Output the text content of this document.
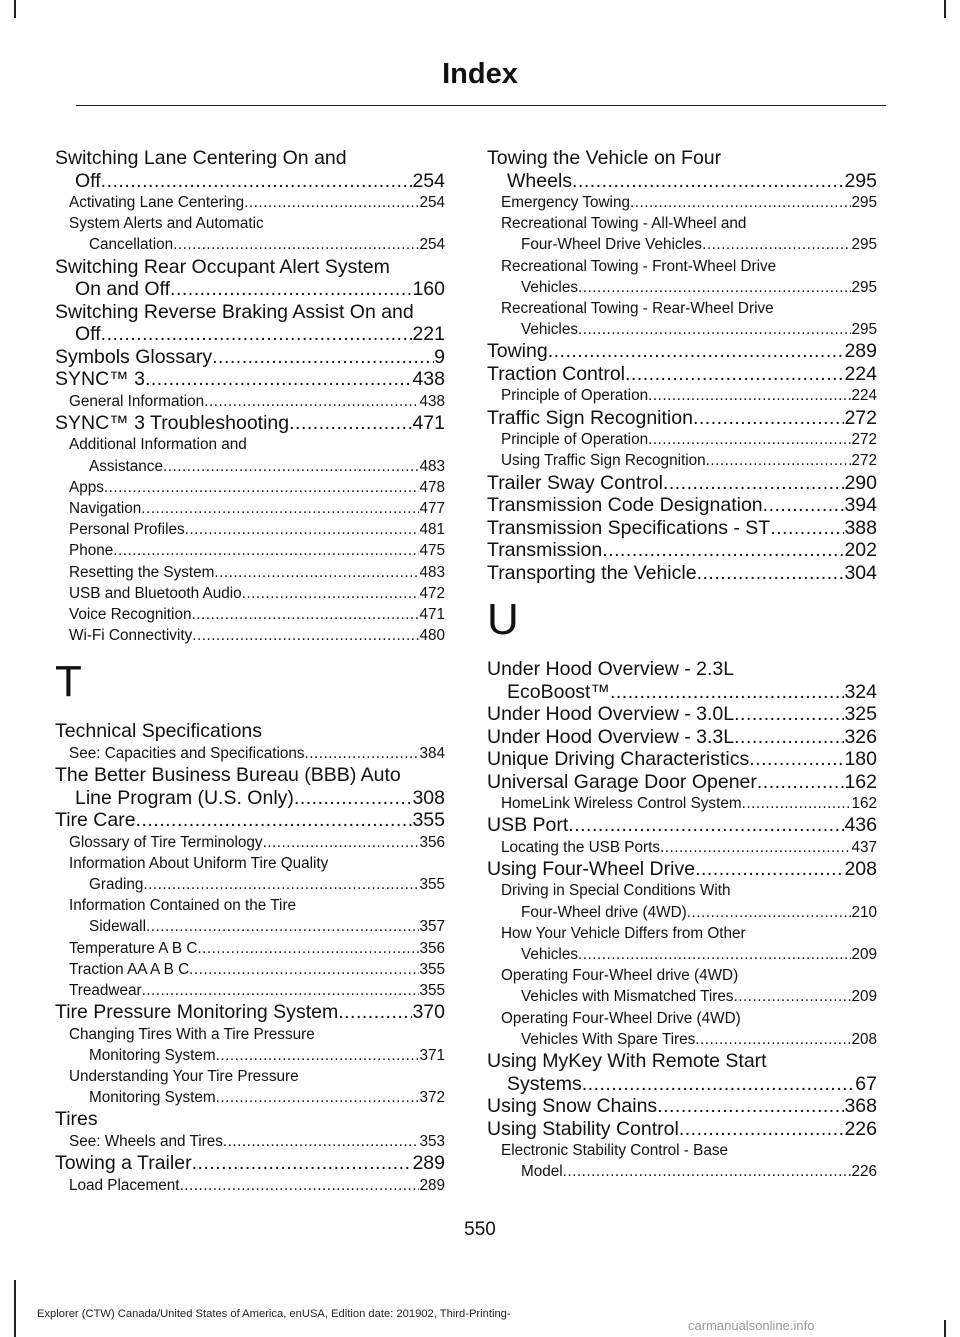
Index
Switching Lane Centering On and
Off .....	254
Activating Lane Centering .....	254
System Alerts and Automatic
Cancellation .....	254
Switching Rear Occupant Alert System
On and Off .....	160
Switching Reverse Braking Assist On and
Off .....	221
Symbols Glossary .....	9
SYNC™ 3 .....	438
General Information .....	438
SYNC™ 3 Troubleshooting .....	471
Additional Information and
Assistance .....	483
Apps .....	478
Navigation .....	477
Personal Profiles .....	481
Phone .....	475
Resetting the System .....	483
USB and Bluetooth Audio .....	472
Voice Recognition .....	471
Wi-Fi Connectivity .....	480
T
Technical Specifications
See: Capacities and Specifications .....	384
The Better Business Bureau (BBB) Auto
Line Program (U.S. Only) .....	308
Tire Care .....	355
Glossary of Tire Terminology .....	356
Information About Uniform Tire Quality
Grading .....	355
Information Contained on the Tire
Sidewall .....	357
Temperature A B C .....	356
Traction AA A B C .....	355
Treadwear .....	355
Tire Pressure Monitoring System .....	370
Changing Tires With a Tire Pressure
Monitoring System .....	371
Understanding Your Tire Pressure
Monitoring System .....	372
Tires
See: Wheels and Tires .....	353
Towing a Trailer .....	289
Load Placement .....	289
Towing the Vehicle on Four
Wheels .....	295
Emergency Towing .....	295
Recreational Towing - All-Wheel and
Four-Wheel Drive Vehicles .....	295
Recreational Towing - Front-Wheel Drive
Vehicles .....	295
Recreational Towing - Rear-Wheel Drive
Vehicles .....	295
Towing .....	289
Traction Control .....	224
Principle of Operation .....	224
Traffic Sign Recognition .....	272
Principle of Operation .....	272
Using Traffic Sign Recognition .....	272
Trailer Sway Control .....	290
Transmission Code Designation .....	394
Transmission Specifications - ST .....	388
Transmission .....	202
Transporting the Vehicle .....	304
U
Under Hood Overview - 2.3L
EcoBoost™ .....	324
Under Hood Overview - 3.0L .....	325
Under Hood Overview - 3.3L .....	326
Unique Driving Characteristics .....	180
Universal Garage Door Opener .....	162
HomeLink Wireless Control System .....	162
USB Port .....	436
Locating the USB Ports .....	437
Using Four-Wheel Drive .....	208
Driving in Special Conditions With
Four-Wheel drive (4WD) .....	210
How Your Vehicle Differs from Other
Vehicles .....	209
Operating Four-Wheel drive (4WD)
Vehicles with Mismatched Tires .....	209
Operating Four-Wheel Drive (4WD)
Vehicles With Spare Tires .....	208
Using MyKey With Remote Start
Systems .....	67
Using Snow Chains .....	368
Using Stability Control .....	226
Electronic Stability Control - Base
Model .....	226
550
Explorer (CTW) Canada/United States of America, enUSA, Edition date: 201902, Third-Printing-
carmanualsonline.info
